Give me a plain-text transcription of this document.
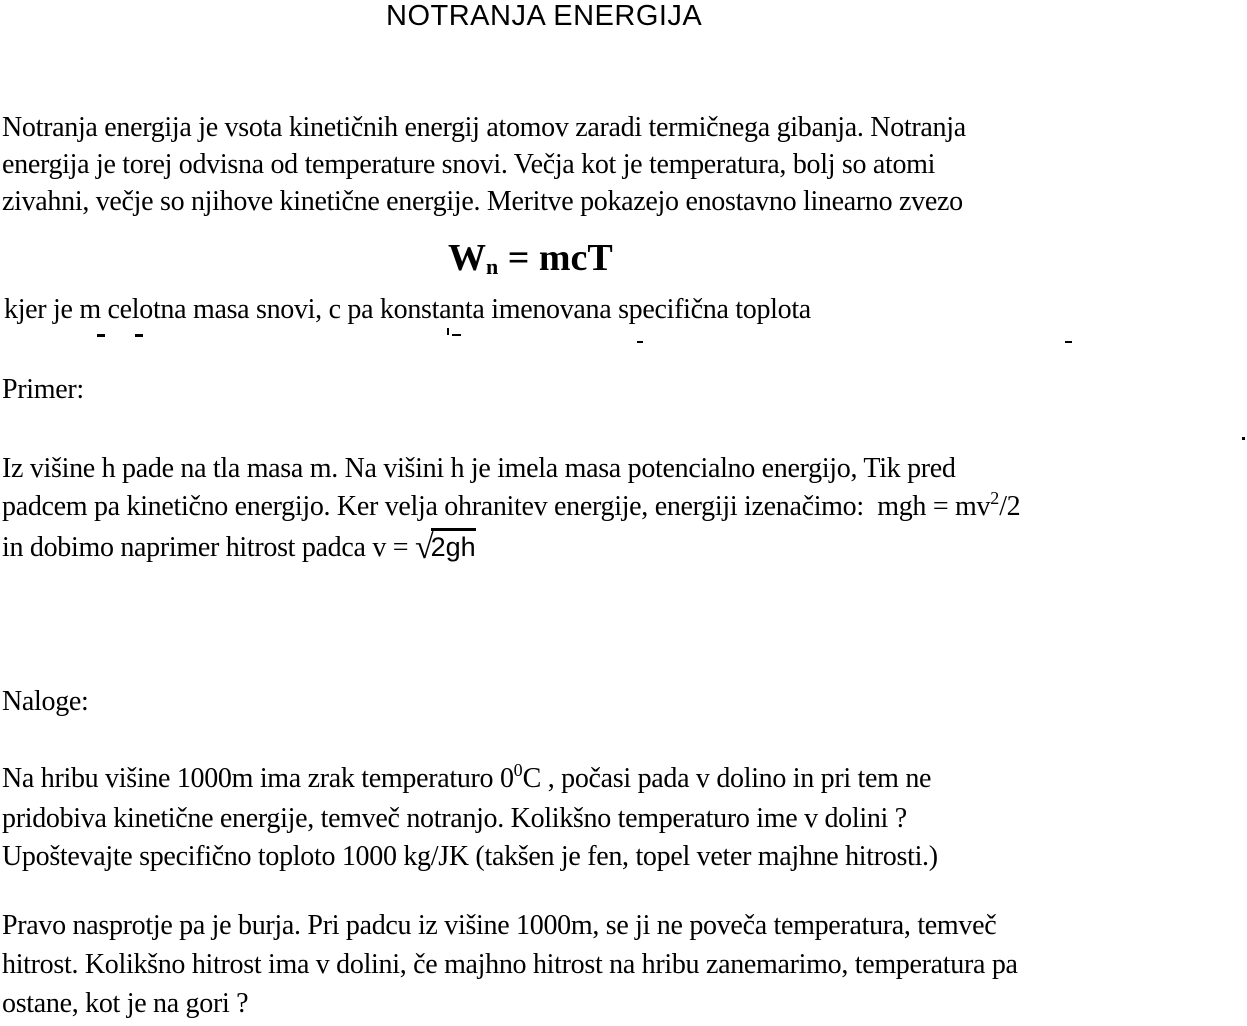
NOTRANJA ENERGIJA
Notranja energija je vsota kinetičnih energij atomov zaradi termičnega gibanja. Notranja
energija je torej odvisna od temperature snovi. Večja kot je temperatura, bolj so atomi
zivahni, večje so njihove kinetične energije. Meritve pokazejo enostavno linearno zvezo
Wn = mcT
kjer je m celotna masa snovi, c pa konstanta imenovana specifična toplota
Primer:
Iz višine h pade na tla masa m. Na višini h je imela masa potencialno energijo, Tik pred
padcem pa kinetično energijo. Ker velja ohranitev energije, energiji izenačimo:  mgh = mv2/2
in dobimo naprimer hitrost padca v = √2gh
Naloge:
Na hribu višine 1000m ima zrak temperaturo 00C , počasi pada v dolino in pri tem ne
pridobiva kinetične energije, temveč notranjo. Kolikšno temperaturo ime v dolini ?
Upoštevajte specifično toploto 1000 kg/JK (takšen je fen, topel veter majhne hitrosti.)
Pravo nasprotje pa je burja. Pri padcu iz višine 1000m, se ji ne poveča temperatura, temveč
hitrost. Kolikšno hitrost ima v dolini, če majhno hitrost na hribu zanemarimo, temperatura pa
ostane, kot je na gori ?
